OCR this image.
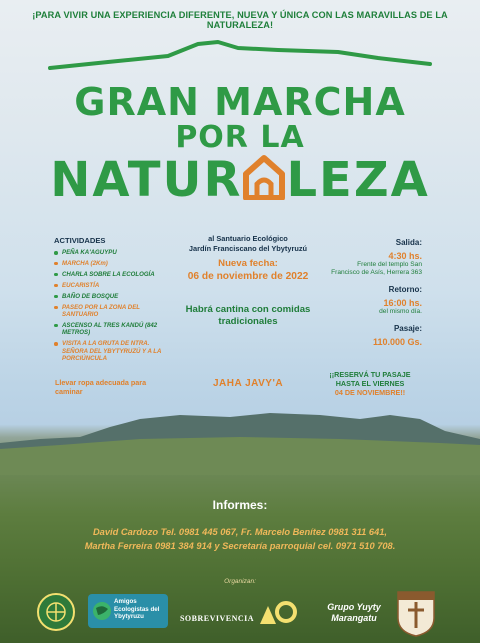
¡PARA VIVIR UNA EXPERIENCIA DIFERENTE, NUEVA Y ÚNICA CON LAS MARAVILLAS DE LA NATURALEZA!
GRAN MARCHA
POR LA
NATUR LEZA
ACTIVIDADES
PEÑA KA'AGUYPU
MARCHA (2Km)
CHARLA SOBRE LA ECOLOGÍA
EUCARISTÍA
BAÑO DE BOSQUE
PASEO POR LA ZONA DEL SANTUARIO
ASCENSO AL TRES KANDÚ (842 METROS)
VISITA A LA GRUTA DE NTRA. SEÑORA DEL YBYTYRUZÚ Y A LA PORCIÚNCULA
Llevar ropa adecuada para caminar
al Santuario Ecológico
Jardín Franciscano del Ybytyruzú
Nueva fecha:
06 de noviembre de 2022
Habrá cantina con comidas tradicionales
JAHA JAVY'A
Salida:
4:30 hs.
Frente del templo San Francisco de Asís, Herrera 363
Retorno:
16:00 hs.
del mismo día.
Pasaje:
110.000 Gs.
¡¡RESERVÁ TU PASAJE HASTA EL VIERNES
04 DE NOVIEMBRE!!
Informes:
David Cardozo Tel. 0981 445 067, Fr. Marcelo Benítez 0981 311 641,
Martha Ferreira 0981 384 914 y Secretaría parroquial cel. 0971 510 708.
Organizan:
Amigos Ecologistas del Ybytyruzu	SOBREVIVENCIA
Grupo Yuyty Marangatu
